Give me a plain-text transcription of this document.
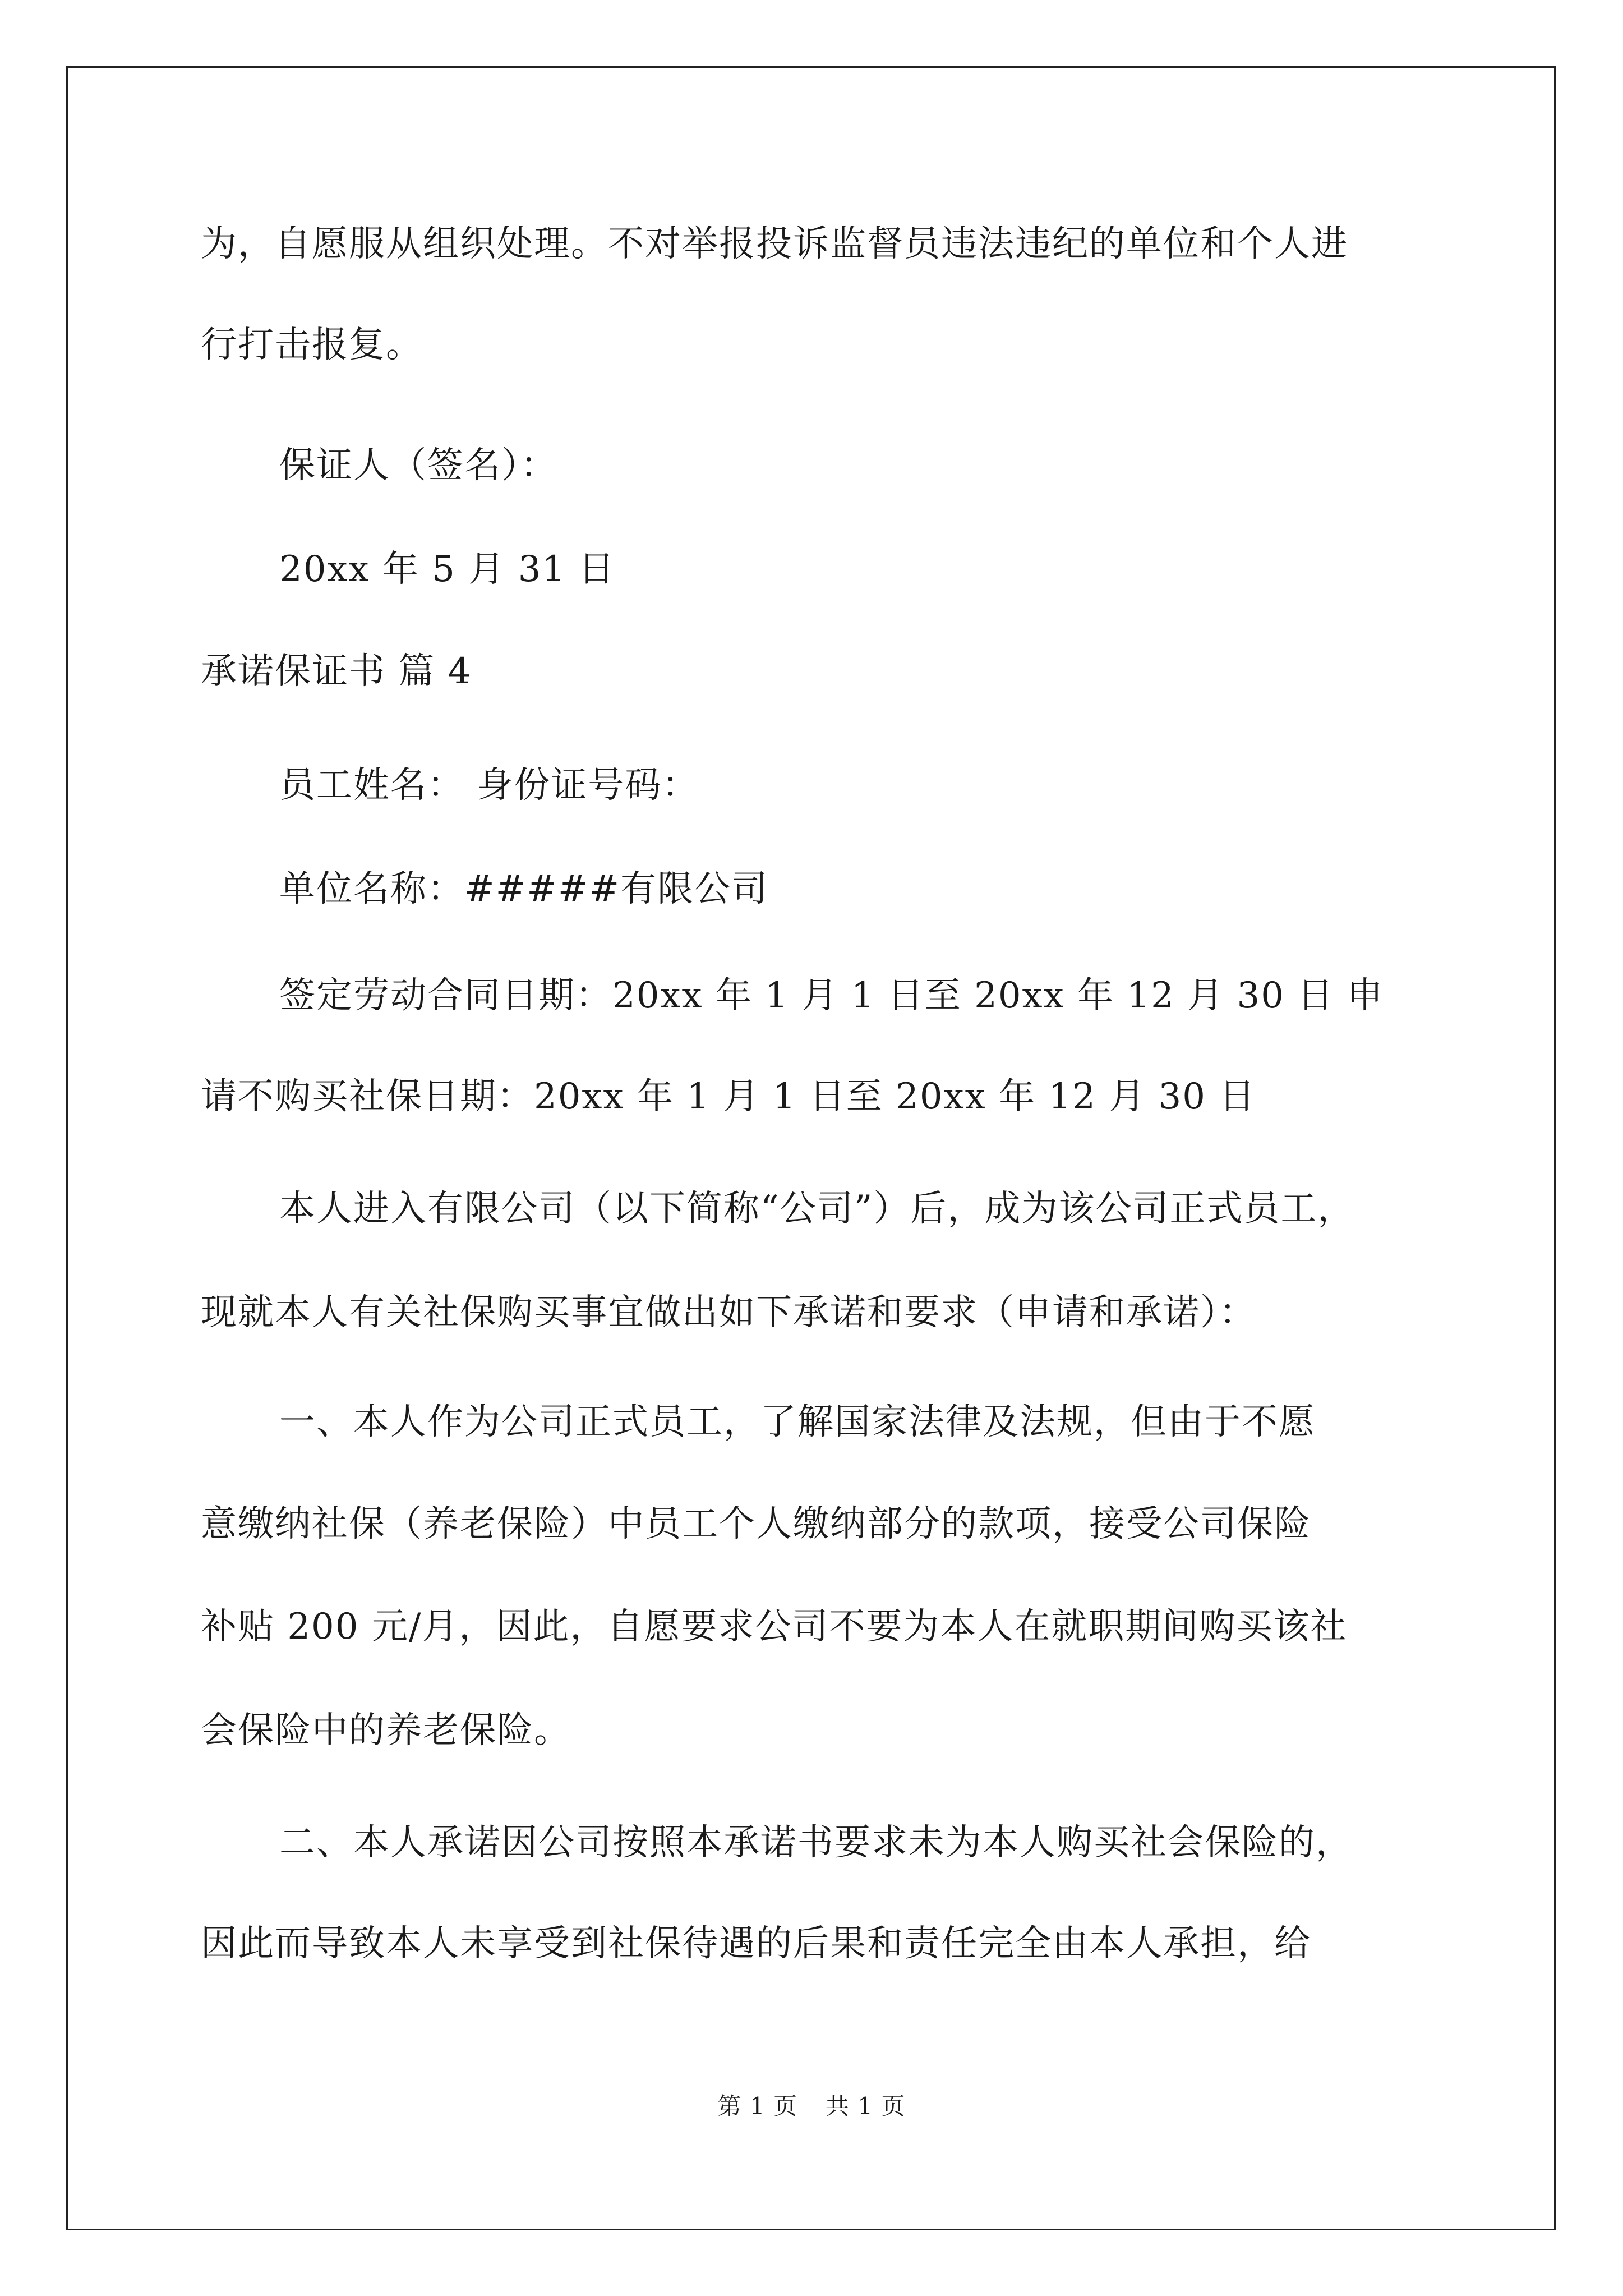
为，自愿服从组织处理。不对举报投诉监督员违法违纪的单位和个人进
行打击报复。
保证人（签名）：
20xx 年 5 月 31 日
承诺保证书 篇 4
员工姓名： 身份证号码：
单位名称：#####有限公司
签定劳动合同日期：20xx 年 1 月 1 日至 20xx 年 12 月 30 日 申
请不购买社保日期：20xx 年 1 月 1 日至 20xx 年 12 月 30 日
本人进入有限公司（以下简称“公司”）后，成为该公司正式员工，
现就本人有关社保购买事宜做出如下承诺和要求（申请和承诺）：
一、本人作为公司正式员工，了解国家法律及法规，但由于不愿
意缴纳社保（养老保险）中员工个人缴纳部分的款项，接受公司保险
补贴 200 元/月，因此，自愿要求公司不要为本人在就职期间购买该社
会保险中的养老保险。
二、本人承诺因公司按照本承诺书要求未为本人购买社会保险的，
因此而导致本人未享受到社保待遇的后果和责任完全由本人承担，给
第 1 页 共 1 页
